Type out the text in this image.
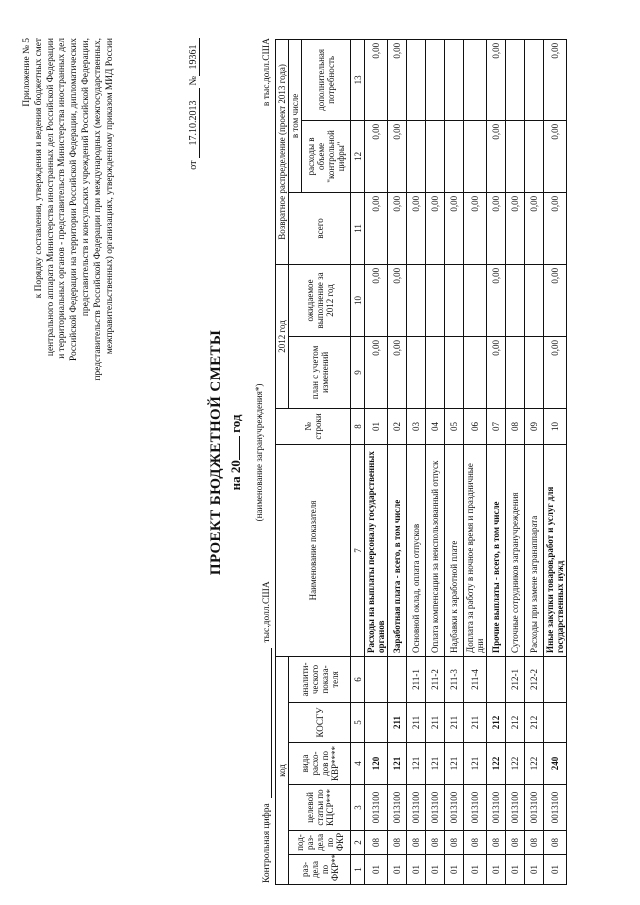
Приложение № 5 к Порядку составления, утверждения и ведения бюджетных смет центрального аппарата Министерства иностранных дел Российской Федерации и территориальных органов - представительств Министерства иностранных дел Российской Федерации на территории Российской Федерации, дипломатических представительств и консульских учреждений Российской Федерации, представительств Российской Федерации при международных (межгосударственных, межправительственных) организациях, утвержденному приказом МИД России	от 17.10.2013 №19361
ПРОЕКТ БЮДЖЕТНОЙ СМЕТЫ на 20 год (наименование загранучреждения*)
Контрольная цифра  тыс.долл.США
в тыс.долл.США
код						Наименование показателя	№ строки	2012 год		Возвратное распределение (проект 2013 года)		
раз-дела по ФКР**	под-раз-дела по ФКР	целевой статьи по КЦСР***	вида расхо-дов по КВР****	КОСГУ	аналити-ческого показа-теля			план с учетом изменений	ожидаемое выполнение за 2012 год	всего	в том числе	
											расходы в объеме "контрольной цифры"	дополнительная потребность
1	2	3	4	5	6	7	8	9	10	11	12	13
01	08	0013100	120			Расходы на выплаты персоналу государственных органов	01	0,00	0,00	0,00	0,00	0,00
01	08	0013100	121	211		Заработная плата - всего, в том числе	02	0,00	0,00	0,00	0,00	0,00
01	08	0013100	121	211	211-1	Основной оклад, оплата отпусков	03			0,00		
01	08	0013100	121	211	211-2	Оплата компенсации за неиспользованный отпуск	04			0,00		
01	08	0013100	121	211	211-3	Надбавки к заработной плате	05			0,00		
01	08	0013100	121	211	211-4	Доплата за работу в ночное время и праздничные дни	06			0,00		
01	08	0013100	122	212		Прочие выплаты - всего, в том числе	07	0,00	0,00	0,00	0,00	0,00
01	08	0013100	122	212	212-1	Суточные сотрудников загранучреждения	08			0,00		
01	08	0013100	122	212	212-2	Расходы при замене загранаппарата	09			0,00		
01	08	0013100	240			Иные закупки товаров,работ и услуг для государственных нужд	10	0,00	0,00	0,00	0,00	0,00
